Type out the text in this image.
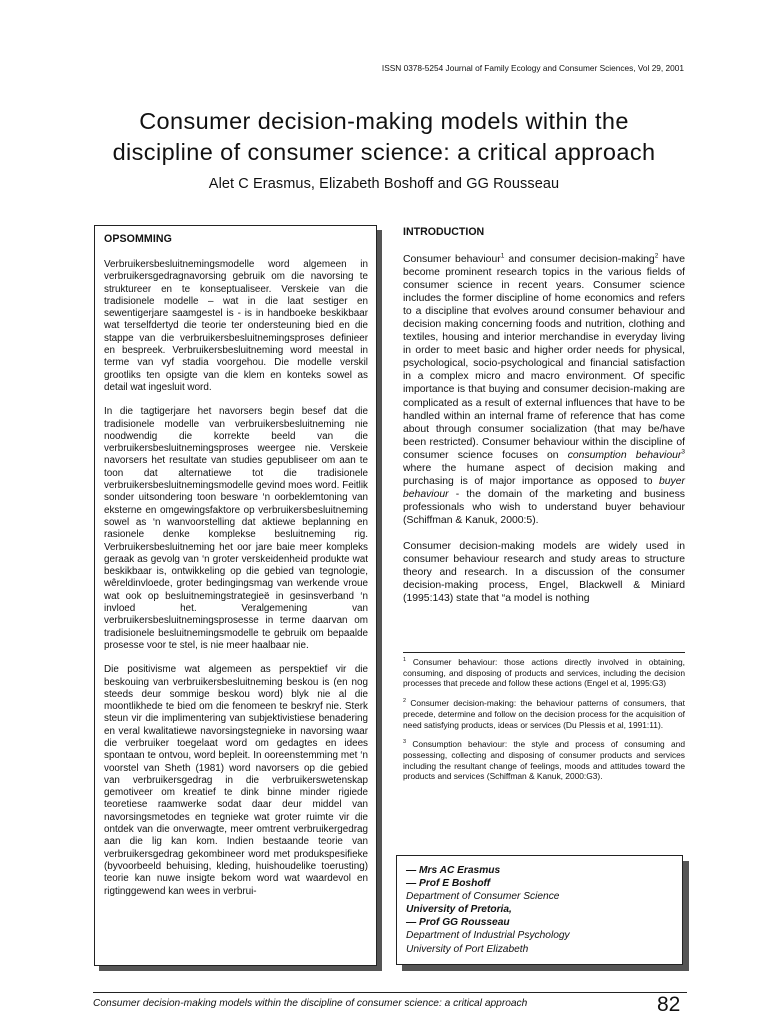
ISSN 0378-5254 Journal of Family Ecology and Consumer Sciences, Vol 29, 2001
Consumer decision-making models within the
discipline of consumer science: a critical approach
Alet C Erasmus, Elizabeth Boshoff and GG Rousseau
OPSOMMING

Verbruikersbesluitnemingsmodelle word algemeen in verbruikersgedragnavorsing gebruik om die navorsing te struktureer en te konseptualiseer. Verskeie van die tradisionele modelle – wat in die laat sestiger en sewentigerjare saamgestel is - is in handboeke beskikbaar wat terselfdertyd die teorie ter ondersteuning bied en die stappe van die verbruikersbesluitnemingsproses definieer en bespreek. Verbruikersbesluitneming word meestal in terme van vyf stadia voorgehou. Die modelle verskil grootliks ten opsigte van die klem en konteks sowel as detail wat ingesluit word.

In die tagtigerjare het navorsers begin besef dat die tradisionele modelle van verbruikersbesluitneming nie noodwendig die korrekte beeld van die verbruikersbesluitnemingsproses weergee nie. Verskeie navorsers het resultate van studies gepubliseer om aan te toon dat alternatiewe tot die tradisionele verbruikersbesluitnemingsmodelle gevind moes word. Feitlik sonder uitsondering toon besware ‘n oorbeklemtoning van eksterne en omgewingsfaktore op verbruikersbesluitneming sowel as ‘n wanvoorstelling dat aktiewe beplanning en rasionele denke komplekse besluitneming rig. Verbruikersbesluitneming het oor jare baie meer kompleks geraak as gevolg van ‘n groter verskeidenheid produkte wat beskikbaar is, ontwikkeling op die gebied van tegnologie, wêreldinvloede, groter bedingingsmag van werkende vroue wat ook op besluitnemingstrategieë in gesinsverband ‘n invloed het. Veralgemening van verbruikersbesluitnemingsprosesse in terme daarvan om tradisionele besluitnemingsmodelle te gebruik om bepaalde prosesse voor te stel, is nie meer haalbaar nie.

Die positivisme wat algemeen as perspektief vir die beskouing van verbruikersbesluitneming beskou is (en nog steeds deur sommige beskou word) blyk nie al die moontlikhede te bied om die fenomeen te beskryf nie. Sterk steun vir die implimentering van subjektivistiese benadering en veral kwalitatiewe navorsingstegnieke in navorsing waar die verbruiker toegelaat word om gedagtes en idees spontaan te ontvou, word bepleit. In ooreenstemming met ‘n voorstel van Sheth (1981) word navorsers op die gebied van verbruikersgedrag in die verbruikerswetenskap gemotiveer om kreatief te dink binne minder rigiede teoretiese raamwerke sodat daar deur middel van navorsingsmetodes en tegnieke wat groter ruimte vir die ontdek van die onverwagte, meer omtrent verbruikergedrag aan die lig kan kom. Indien bestaande teorie van verbruikersgedrag gekombineer word met produkspesifieke (byvoorbeeld behuising, kleding, huishoudelike toerusting) teorie kan nuwe insigte bekom word wat waardevol en rigtinggewend kan wees in verbrui-

INTRODUCTION

Consumer behaviour$^1$ and consumer decision-making$^2$ have become prominent research topics in the various fields of consumer science in recent years. Consumer science includes the former discipline of home economics and refers to a discipline that evolves around consumer behaviour and decision making concerning foods and nutrition, clothing and textiles, housing and interior merchandise in everyday living in order to meet basic and higher order needs for physical, psychological, socio-psychological and financial satisfaction in a complex micro and macro environment. Of specific importance is that buying and consumer decision-making are complicated as a result of external influences that have to be handled within an internal frame of reference that has come about through consumer socialization (that may be/have been restricted). Consumer behaviour within the discipline of consumer science focuses on consumption behaviour$^3$ where the humane aspect of decision making and purchasing is of major importance as opposed to buyer behaviour - the domain of the marketing and business professionals who wish to understand buyer behaviour (Schiffman & Kanuk, 2000:5).

Consumer decision-making models are widely used in consumer behaviour research and study areas to structure theory and research. In a discussion of the consumer decision-making process, Engel, Blackwell & Miniard (1995:143) state that “a model is nothing

$^1$ Consumer behaviour: those actions directly involved in obtaining, consuming, and disposing of products and services, including the decision processes that precede and follow these actions (Engel et al, 1995:G3)

$^2$ Consumer decision-making: the behaviour patterns of consumers, that precede, determine and follow on the decision process for the acquisition of need satisfying products, ideas or services (Du Plessis et al, 1991:11).

$^3$ Consumption behaviour: the style and process of consuming and possessing, collecting and disposing of consumer products and services including the resultant change of feelings, moods and attitudes toward the products and services (Schiffman & Kanuk, 2000:G3).

— Mrs AC Erasmus
— Prof E Boshoff
Department of Consumer Science
University of Pretoria,
— Prof GG Rousseau
Department of Industrial Psychology
University of Port Elizabeth
Consumer decision-making models within the discipline of consumer science: a critical approach	82
